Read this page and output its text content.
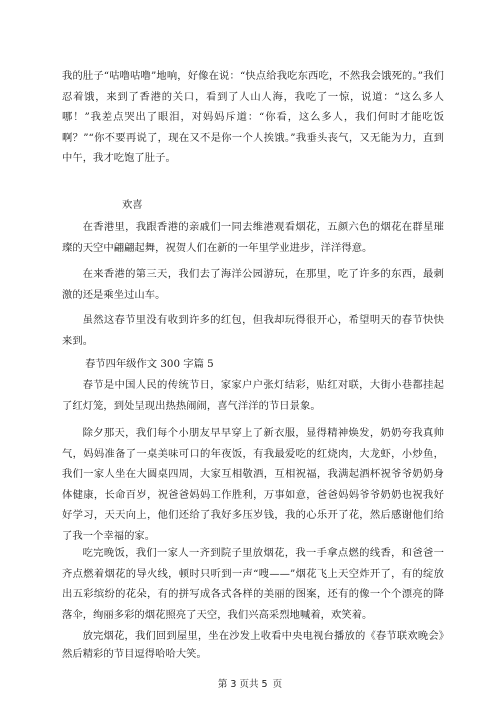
我的肚子“咕噜咕噜”地响，好像在说：“快点给我吃东西吃，不然我会饿死的。”我们忍着饿，来到了香港的关口，看到了人山人海，我吃了一惊，说道：“这么多人哪！”我差点哭出了眼泪，对妈妈斥道：“你看，这么多人，我们何时才能吃饭啊？”“你不要再说了，现在又不是你一个人挨饿。”我垂头丧气，又无能为力，直到中午，我才吃饱了肚子。

欢喜

在香港里，我跟香港的亲戚们一同去维港观看烟花，五颜六色的烟花在群星璀璨的天空中翩翩起舞，祝贺人们在新的一年里学业进步，洋洋得意。

在来香港的第三天，我们去了海洋公园游玩，在那里，吃了许多的东西，最刺激的还是乘坐过山车。

虽然这春节里没有收到许多的红包，但我却玩得很开心，希望明天的春节快快来到。

春节四年级作文 300 字篇 5

春节是中国人民的传统节日，家家户户张灯结彩，贴红对联，大街小巷都挂起了红灯笼，到处呈现出热热闹闹，喜气洋洋的节日景象。

除夕那天，我们每个小朋友早早穿上了新衣服，显得精神焕发，奶奶夸我真帅气，妈妈准备了一桌美味可口的年夜饭，有我最爱吃的红烧肉，大龙虾，小炒鱼，我们一家人坐在大圆桌四周，大家互相敬酒，互相祝福，我满起酒杯祝爷爷奶奶身体健康，长命百岁，祝爸爸妈妈工作胜利，万事如意，爸爸妈妈爷爷奶奶也祝我好好学习，天天向上，他们还给了我好多压岁钱，我的心乐开了花，然后感谢他们给了我一个幸福的家。

吃完晚饭，我们一家人一齐到院子里放烟花，我一手拿点燃的线香，和爸爸一齐点燃着烟花的导火线，顿时只听到一声“嗖——”烟花飞上天空炸开了，有的绽放出五彩缤纷的花朵，有的拼写成各式各样的美丽的图案，还有的像一个个漂亮的降落伞，绚丽多彩的烟花照亮了天空，我们兴高采烈地喊着，欢笑着。

放完烟花，我们回到屋里，坐在沙发上收看中央电视台播放的《春节联欢晚会》然后精彩的节目逗得哈哈大笑。

第 3 页共 5 页
